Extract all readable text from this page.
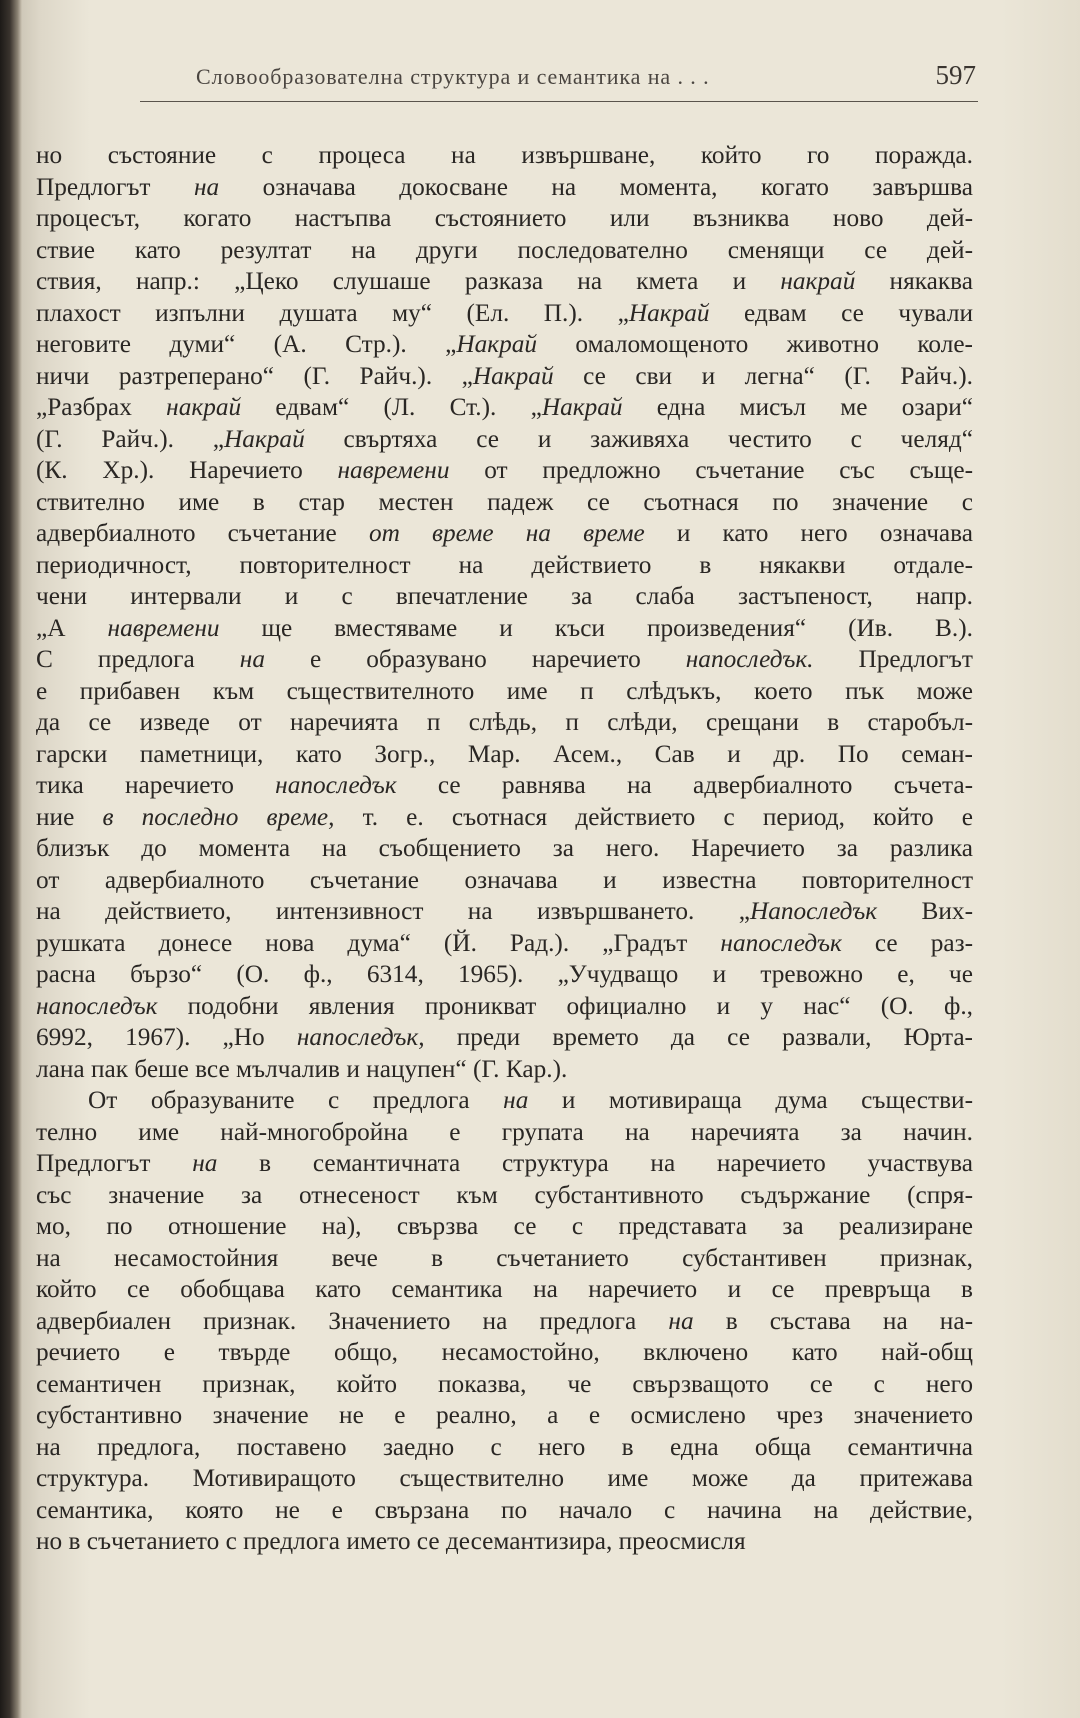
Словообразователна структура и семантика на . . .	597
но състояние с процеса на извършване, който го поражда.
Предлогът на означава докосване на момента, когато завършва
процесът, когато настъпва състоянието или възниква ново дей-
ствие като резултат на други последователно сменящи се дей-
ствия, напр.: „Цеко слушаше разказа на кмета и накрай някаква
плахост изпълни душата му“ (Ел. П.). „Накрай едвам се чували
неговите думи“ (А. Стр.). „Накрай омаломощеното животно коле-
ничи разтреперано“ (Г. Райч.). „Накрай се сви и легна“ (Г. Райч.).
„Разбрах накрай едвам“ (Л. Ст.). „Накрай една мисъл ме озари“
(Г. Райч.). „Накрай свъртяха се и заживяха честито с челяд“
(К. Хр.). Наречието навремени от предложно съчетание със съще-
ствително име в стар местен падеж се съотнася по значение с
адвербиалното съчетание от време на време и като него означава
периодичност, повторителност на действието в някакви отдале-
чени интервали и с впечатление за слаба застъпеност, напр.
„А навремени ще вместяваме и къси произведения“ (Ив. В.).
С предлога на е образувано наречието напоследък. Предлогът
е прибавен към съществителното име п слѣдъкъ, което пък може
да се изведе от наречията п слѣдь, п слѣди, срещани в старобъл-
гарски паметници, като Зогр., Мар. Асем., Сав и др. По семан-
тика наречието напоследък се равнява на адвербиалното съчета-
ние в последно време, т. е. съотнася действието с период, който е
близък до момента на съобщението за него. Наречието за разлика
от адвербиалното съчетание означава и известна повторителност
на действието, интензивност на извършването. „Напоследък Вих-
рушката донесе нова дума“ (Й. Рад.). „Градът напоследък се раз-
расна бързо“ (О. ф., 6314, 1965). „Учудващо и тревожно е, че
напоследък подобни явления проникват официално и у нас“ (О. ф.,
6992, 1967). „Но напоследък, преди времето да се развали, Юрта-
лана пак беше все мълчалив и нацупен“ (Г. Кар.).
От образуваните с предлога на и мотивираща дума съществи-
телно име най-многобройна е групата на наречията за начин.
Предлогът на в семантичната структура на наречието участвува
със значение за отнесеност към субстантивното съдържание (спря-
мо, по отношение на), свързва се с представата за реализиране
на несамостойния вече в съчетанието субстантивен признак,
който се обобщава като семантика на наречието и се превръща в
адвербиален признак. Значението на предлога на в състава на на-
речието е твърде общо, несамостойно, включено като най-общ
семантичен признак, който показва, че свързващото се с него
субстантивно значение не е реално, а е осмислено чрез значението
на предлога, поставено заедно с него в една обща семантична
структура. Мотивиращото съществително име може да притежава
семантика, която не е свързана по начало с начина на действие,
но в съчетанието с предлога името се десемантизира, преосмисля
